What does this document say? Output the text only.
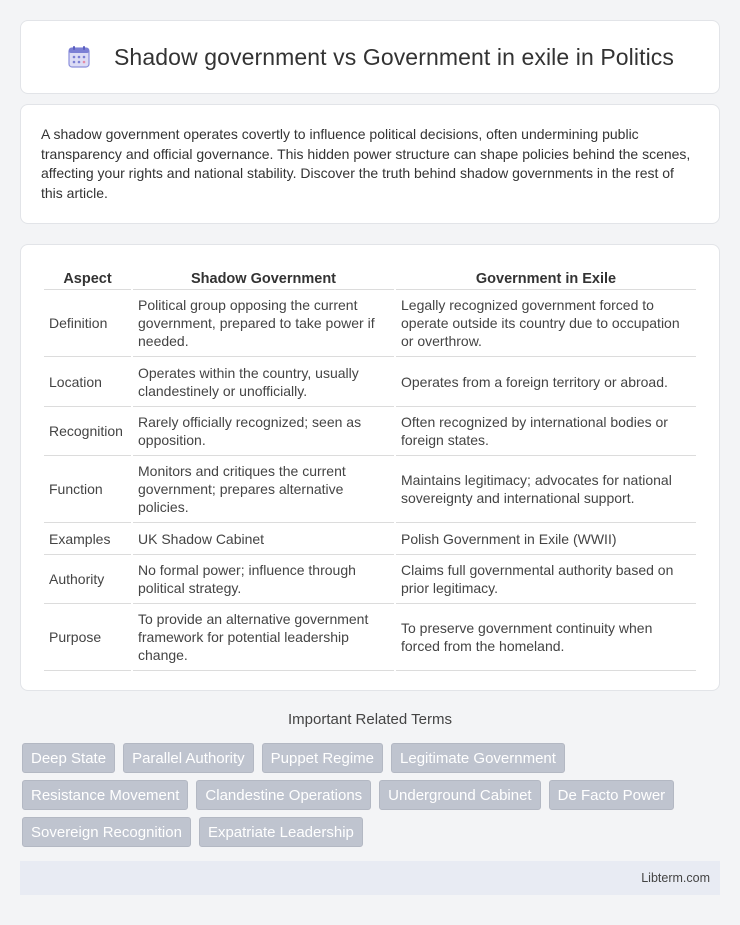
Shadow government vs Government in exile in Politics

A shadow government operates covertly to influence political decisions, often undermining public transparency and official governance. This hidden power structure can shape policies behind the scenes, affecting your rights and national stability. Discover the truth behind shadow governments in the rest of this article.

Aspect	Shadow Government	Government in Exile
Definition	Political group opposing the current government, prepared to take power if needed.	Legally recognized government forced to operate outside its country due to occupation or overthrow.
Location	Operates within the country, usually clandestinely or unofficially.	Operates from a foreign territory or abroad.
Recognition	Rarely officially recognized; seen as opposition.	Often recognized by international bodies or foreign states.
Function	Monitors and critiques the current government; prepares alternative policies.	Maintains legitimacy; advocates for national sovereignty and international support.
Examples	UK Shadow Cabinet	Polish Government in Exile (WWII)
Authority	No formal power; influence through political strategy.	Claims full governmental authority based on prior legitimacy.
Purpose	To provide an alternative government framework for potential leadership change.	To preserve government continuity when forced from the homeland.
Important Related Terms
Deep State	Parallel Authority	Puppet Regime	Legitimate Government
Resistance Movement	Clandestine Operations	Underground Cabinet	De Facto Power
Sovereign Recognition	Expatriate Leadership
Libterm.com
